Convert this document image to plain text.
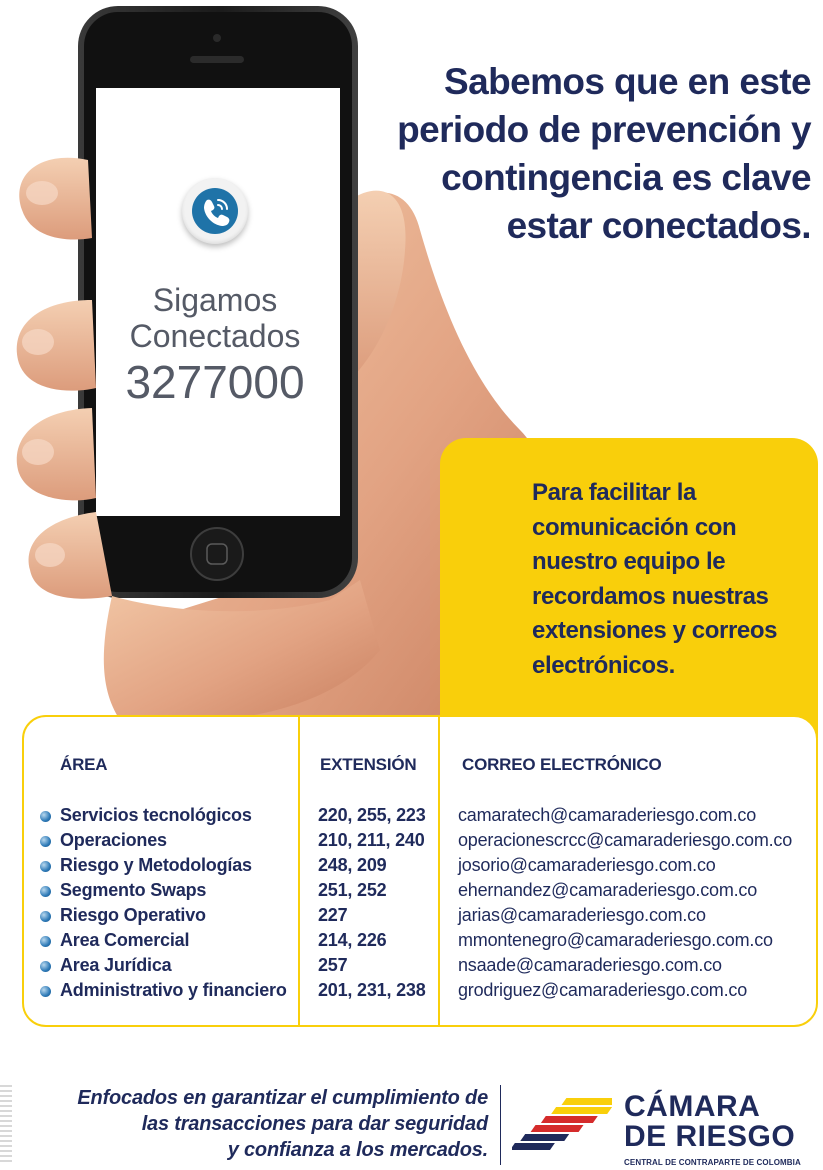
Sigamos
Conectados
3277000
Sabemos que en este
periodo de prevención y
contingencia es clave
estar conectados.
Para facilitar la
comunicación con
nuestro equipo le
recordamos nuestras
extensiones y correos
electrónicos.
ÁREA	EXTENSIÓN	CORREO ELECTRÓNICO
Servicios tecnológicos	220, 255, 223 camaratech@camaraderiesgo.com.co
Operaciones	210, 211, 240 operacionescrcc@camaraderiesgo.com.co
Riesgo y Metodologías	248, 209	josorio@camaraderiesgo.com.co
Segmento Swaps	251, 252	ehernandez@camaraderiesgo.com.co
Riesgo Operativo	227	jarias@camaraderiesgo.com.co
Area Comercial	214, 226	mmontenegro@camaraderiesgo.com.co
Area Jurídica	257	nsaade@camaraderiesgo.com.co
Administrativo y financiero 201, 231, 238 grodriguez@camaraderiesgo.com.co
Enfocados en garantizar el cumplimiento de
las transacciones para dar seguridad
y confianza a los mercados.
CÁMARA
DE RIESGO
CENTRAL DE CONTRAPARTE DE COLOMBIA
